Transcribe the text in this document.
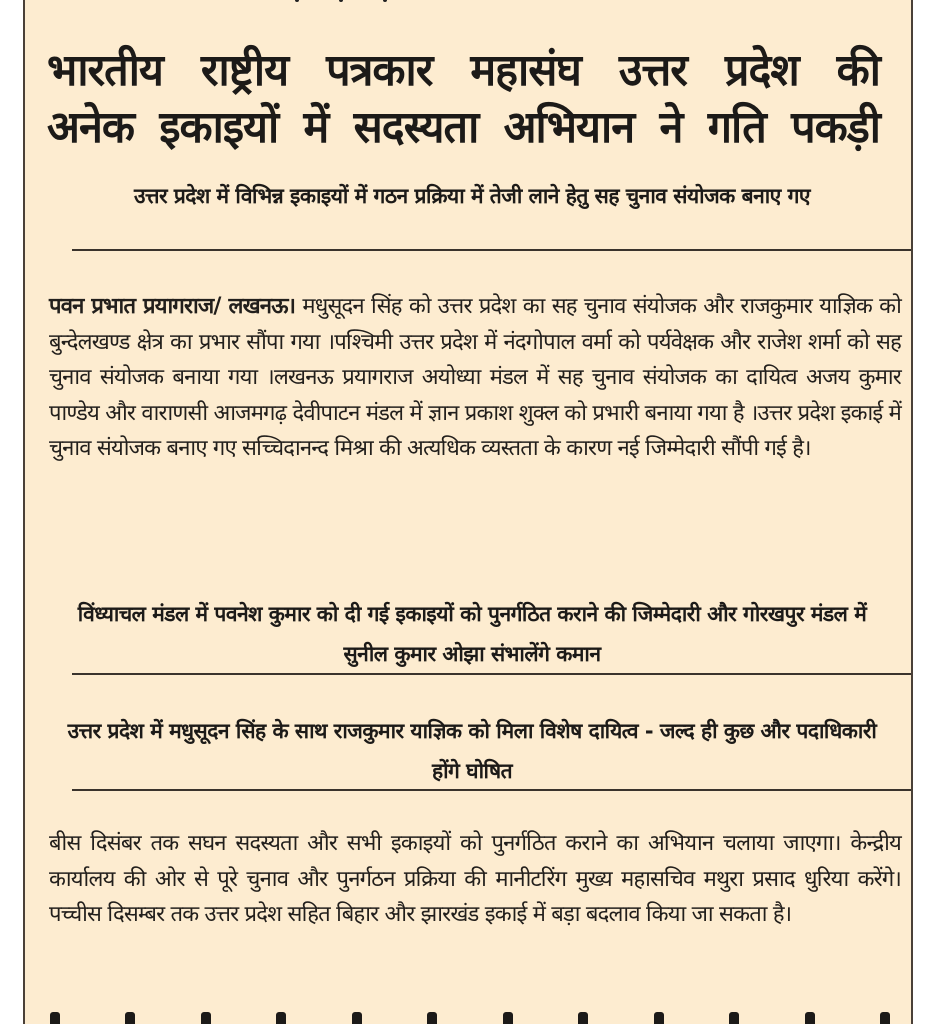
भारतीय राष्ट्रीय पत्रकार महासंघ उत्तर प्रदेश की
अनेक इकाइयों में सदस्यता अभियान ने गति पकड़ी
उत्तर प्रदेश में विभिन्न इकाइयों में गठन प्रक्रिया में तेजी लाने हेतु सह चुनाव संयोजक बनाए गए
पवन प्रभात प्रयागराज/ लखनऊ। मधुसूदन सिंह को उत्तर प्रदेश का सह चुनाव संयोजक और राजकुमार याज्ञिक को बुन्देलखण्ड क्षेत्र का प्रभार सौंपा गया ।पश्चिमी उत्तर प्रदेश में नंदगोपाल वर्मा को पर्यवेक्षक और राजेश शर्मा को सह चुनाव संयोजक बनाया गया ।लखनऊ प्रयागराज अयोध्या मंडल में सह चुनाव संयोजक का दायित्व अजय कुमार पाण्डेय और वाराणसी आजमगढ़ देवीपाटन मंडल में ज्ञान प्रकाश शुक्ल को प्रभारी बनाया गया है ।उत्तर प्रदेश इकाई में चुनाव संयोजक बनाए गए सच्चिदानन्द मिश्रा की अत्यधिक व्यस्तता के कारण नई जिम्मेदारी सौंपी गई है।
विंध्याचल मंडल में पवनेश कुमार को दी गई इकाइयों को पुनर्गठित कराने की जिम्मेदारी और गोरखपुर मंडल में सुनील कुमार ओझा संभालेंगे कमान
उत्तर प्रदेश में मधुसूदन सिंह के साथ राजकुमार याज्ञिक को मिला विशेष दायित्व - जल्द ही कुछ और पदाधिकारी होंगे घोषित
बीस दिसंबर तक सघन सदस्यता और सभी इकाइयों को पुनर्गठित कराने का अभियान चलाया जाएगा। केन्द्रीय कार्यालय की ओर से पूरे चुनाव और पुनर्गठन प्रक्रिया की मानीटरिंग मुख्य महासचिव मथुरा प्रसाद धुरिया करेंगे। पच्चीस दिसम्बर तक उत्तर प्रदेश सहित बिहार और झारखंड इकाई में बड़ा बदलाव किया जा सकता है।
